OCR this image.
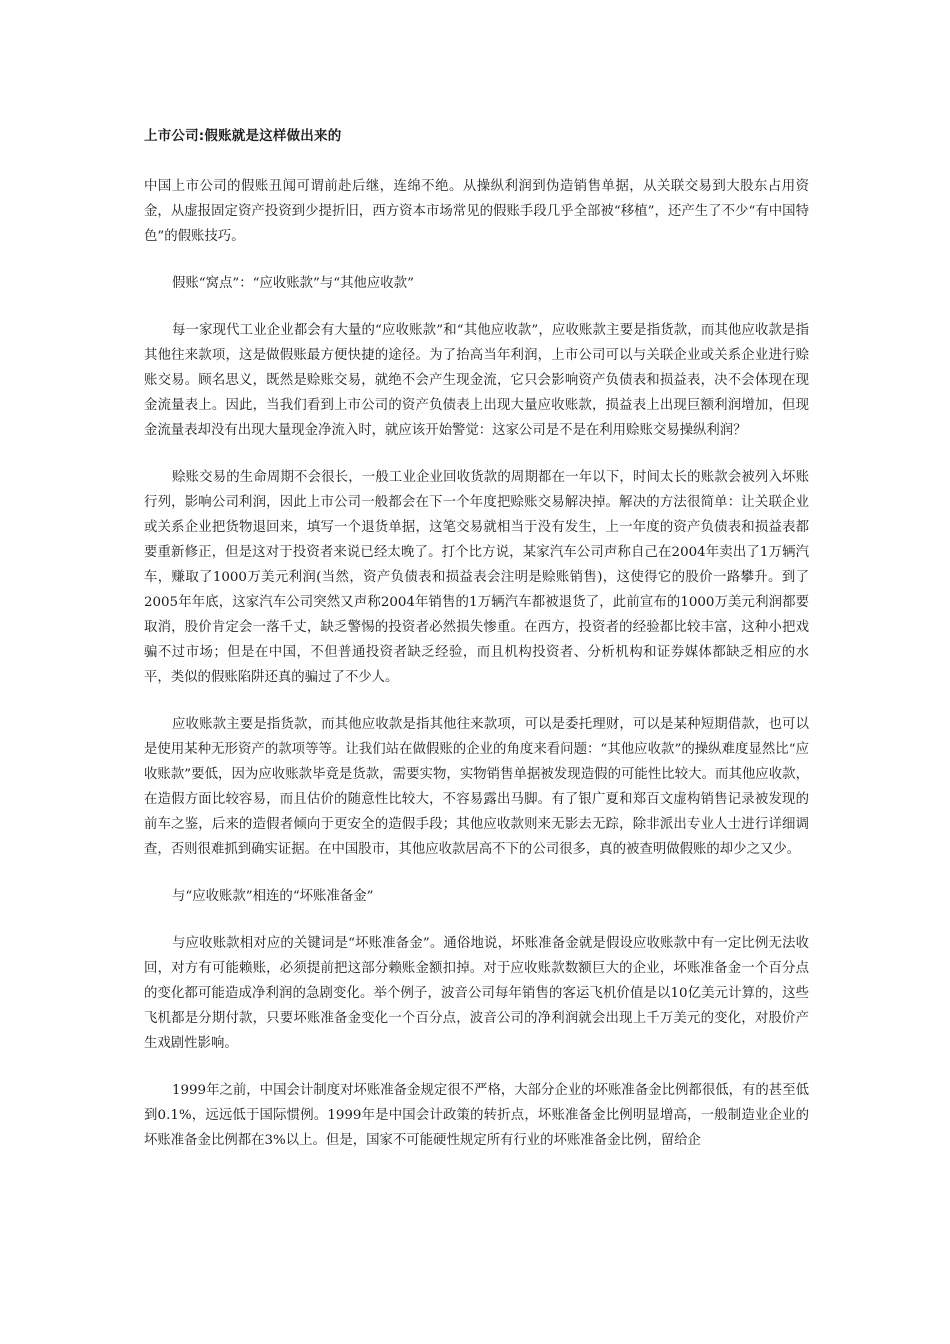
上市公司:假账就是这样做出来的

中国上市公司的假账丑闻可谓前赴后继，连绵不绝。从操纵利润到伪造销售单据，从关联交易到大股东占用资金，从虚报固定资产投资到少提折旧，西方资本市场常见的假账手段几乎全部被“移植”，还产生了不少“有中国特色”的假账技巧。

假账“窝点”：“应收账款”与“其他应收款”

每一家现代工业企业都会有大量的“应收账款”和“其他应收款”，应收账款主要是指货款，而其他应收款是指其他往来款项，这是做假账最方便快捷的途径。为了抬高当年利润，上市公司可以与关联企业或关系企业进行赊账交易。顾名思义，既然是赊账交易，就绝不会产生现金流，它只会影响资产负债表和损益表，决不会体现在现金流量表上。因此，当我们看到上市公司的资产负债表上出现大量应收账款，损益表上出现巨额利润增加，但现金流量表却没有出现大量现金净流入时，就应该开始警觉：这家公司是不是在利用赊账交易操纵利润？

赊账交易的生命周期不会很长，一般工业企业回收货款的周期都在一年以下，时间太长的账款会被列入坏账行列，影响公司利润，因此上市公司一般都会在下一个年度把赊账交易解决掉。解决的方法很简单：让关联企业或关系企业把货物退回来，填写一个退货单据，这笔交易就相当于没有发生，上一年度的资产负债表和损益表都要重新修正，但是这对于投资者来说已经太晚了。打个比方说，某家汽车公司声称自己在2004年卖出了1万辆汽车，赚取了1000万美元利润(当然，资产负债表和损益表会注明是赊账销售)，这使得它的股价一路攀升。到了2005年年底，这家汽车公司突然又声称2004年销售的1万辆汽车都被退货了，此前宣布的1000万美元利润都要取消，股价肯定会一落千丈，缺乏警惕的投资者必然损失惨重。在西方，投资者的经验都比较丰富，这种小把戏骗不过市场；但是在中国，不但普通投资者缺乏经验，而且机构投资者、分析机构和证券媒体都缺乏相应的水平，类似的假账陷阱还真的骗过了不少人。

应收账款主要是指货款，而其他应收款是指其他往来款项，可以是委托理财，可以是某种短期借款，也可以是使用某种无形资产的款项等等。让我们站在做假账的企业的角度来看问题：“其他应收款”的操纵难度显然比“应收账款”要低，因为应收账款毕竟是货款，需要实物，实物销售单据被发现造假的可能性比较大。而其他应收款，在造假方面比较容易，而且估价的随意性比较大，不容易露出马脚。有了银广夏和郑百文虚构销售记录被发现的前车之鉴，后来的造假者倾向于更安全的造假手段；其他应收款则来无影去无踪，除非派出专业人士进行详细调查，否则很难抓到确实证据。在中国股市，其他应收款居高不下的公司很多，真的被查明做假账的却少之又少。

与“应收账款”相连的“坏账准备金”

与应收账款相对应的关键词是“坏账准备金”。通俗地说，坏账准备金就是假设应收账款中有一定比例无法收回，对方有可能赖账，必须提前把这部分赖账金额扣掉。对于应收账款数额巨大的企业，坏账准备金一个百分点的变化都可能造成净利润的急剧变化。举个例子，波音公司每年销售的客运飞机价值是以10亿美元计算的，这些飞机都是分期付款，只要坏账准备金变化一个百分点，波音公司的净利润就会出现上千万美元的变化，对股价产生戏剧性影响。

1999年之前，中国会计制度对坏账准备金规定很不严格，大部分企业的坏账准备金比例都很低，有的甚至低到0.1%，远远低于国际惯例。1999年是中国会计政策的转折点，坏账准备金比例明显增高，一般制造业企业的坏账准备金比例都在3%以上。但是，国家不可能硬性规定所有行业的坏账准备金比例，留给企
